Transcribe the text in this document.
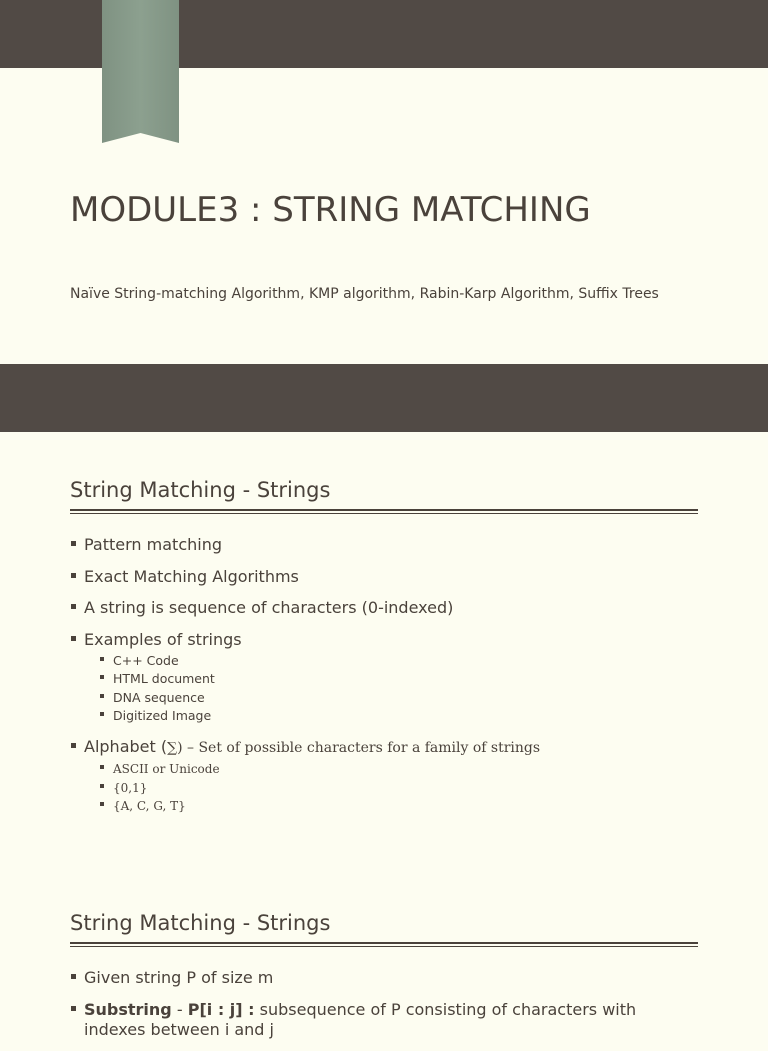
MODULE3 : STRING MATCHING

Naïve String-matching Algorithm, KMP algorithm, Rabin-Karp Algorithm, Suffix Trees

String Matching - Strings
Pattern matching
Exact Matching Algorithms
A string is sequence of characters (0-indexed)
Examples of strings
C++ Code
HTML document
DNA sequence
Digitized Image
Alphabet (∑) – Set of possible characters for a family of strings
ASCII or Unicode
{0,1}
{A, C, G, T}
String Matching - Strings
Given string P of size m
Substring - P[i : j] : subsequence of P consisting of characters with indexes between i and j
